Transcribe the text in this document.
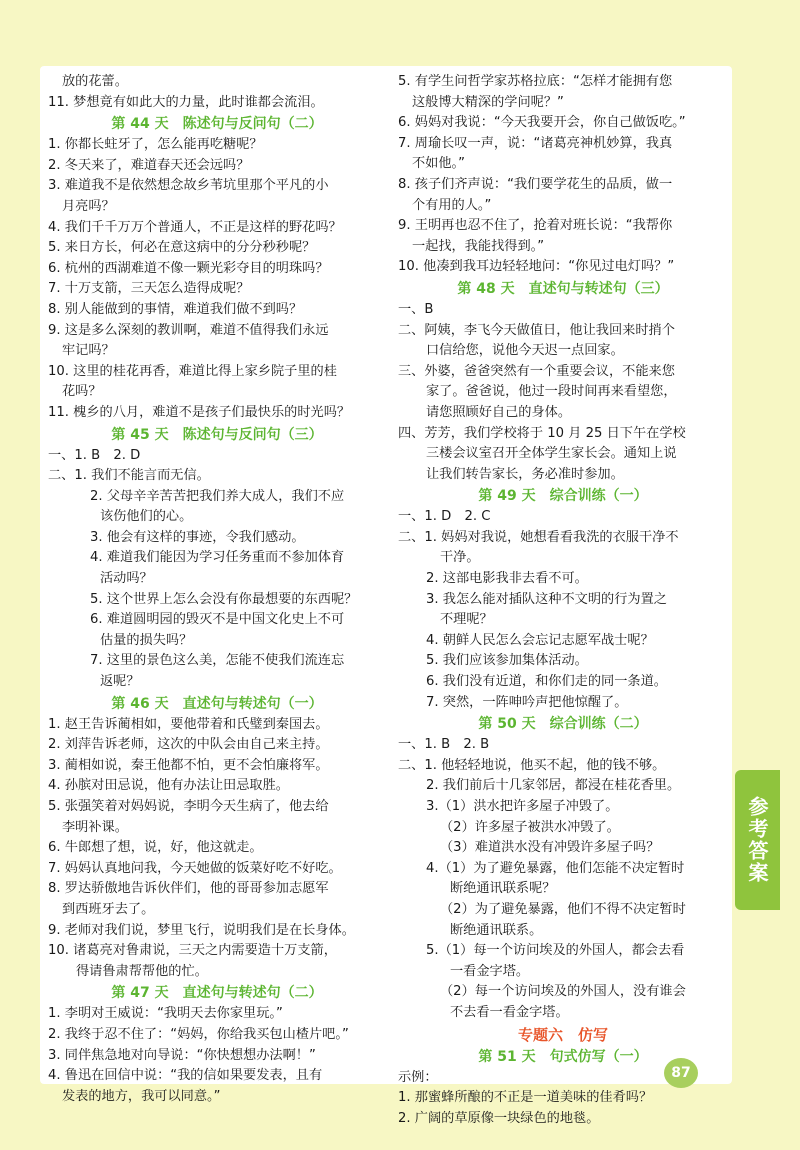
放的花蕾。
11. 梦想竟有如此大的力量，此时谁都会流泪。
第 44 天　陈述句与反问句（二）
1. 你都长蛀牙了，怎么能再吃糖呢？
2. 冬天来了，难道春天还会远吗？
3. 难道我不是依然想念故乡苇坑里那个平凡的小
月亮吗？
4. 我们千千万万个普通人，不正是这样的野花吗？
5. 来日方长，何必在意这病中的分分秒秒呢？
6. 杭州的西湖难道不像一颗光彩夺目的明珠吗？
7. 十万支箭，三天怎么造得成呢？
8. 别人能做到的事情，难道我们做不到吗？
9. 这是多么深刻的教训啊，难道不值得我们永远
牢记吗？
10. 这里的桂花再香，难道比得上家乡院子里的桂
花吗？
11. 槐乡的八月，难道不是孩子们最快乐的时光吗？
第 45 天　陈述句与反问句（三）
一、1. B　2. D
二、1. 我们不能言而无信。
2. 父母辛辛苦苦把我们养大成人，我们不应
该伤他们的心。
3. 他会有这样的事迹，令我们感动。
4. 难道我们能因为学习任务重而不参加体育
活动吗？
5. 这个世界上怎么会没有你最想要的东西呢？
6. 难道圆明园的毁灭不是中国文化史上不可
估量的损失吗？
7. 这里的景色这么美，怎能不使我们流连忘
返呢？
第 46 天　直述句与转述句（一）
1. 赵王告诉蔺相如，要他带着和氏璧到秦国去。
2. 刘萍告诉老师，这次的中队会由自己来主持。
3. 蔺相如说，秦王他都不怕，更不会怕廉将军。
4. 孙膑对田忌说，他有办法让田忌取胜。
5. 张强笑着对妈妈说，李明今天生病了，他去给
李明补课。
6. 牛郎想了想，说，好，他这就走。
7. 妈妈认真地问我，今天她做的饭菜好吃不好吃。
8. 罗达骄傲地告诉伙伴们，他的哥哥参加志愿军
到西班牙去了。
9. 老师对我们说，梦里飞行，说明我们是在长身体。
10. 诸葛亮对鲁肃说，三天之内需要造十万支箭，
得请鲁肃帮帮他的忙。
第 47 天　直述句与转述句（二）
1. 李明对王威说：“我明天去你家里玩。”
2. 我终于忍不住了：“妈妈，你给我买包山楂片吧。”
3. 同伴焦急地对向导说：“你快想想办法啊！”
4. 鲁迅在回信中说：“我的信如果要发表，且有
发表的地方，我可以同意。”
5. 有学生问哲学家苏格拉底：“怎样才能拥有您
这般博大精深的学问呢？”
6. 妈妈对我说：“今天我要开会，你自己做饭吃。”
7. 周瑜长叹一声，说：“诸葛亮神机妙算，我真
不如他。”
8. 孩子们齐声说：“我们要学花生的品质，做一
个有用的人。”
9. 王明再也忍不住了，抢着对班长说：“我帮你
一起找，我能找得到。”
10. 他凑到我耳边轻轻地问：“你见过电灯吗？”
第 48 天　直述句与转述句（三）
一、B
二、阿姨，李飞今天做值日，他让我回来时捎个
口信给您，说他今天迟一点回家。
三、外婆，爸爸突然有一个重要会议，不能来您
家了。爸爸说，他过一段时间再来看望您，
请您照顾好自己的身体。
四、芳芳，我们学校将于 10 月 25 日下午在学校
三楼会议室召开全体学生家长会。通知上说
让我们转告家长，务必准时参加。
第 49 天　综合训练（一）
一、1. D　2. C
二、1. 妈妈对我说，她想看看我洗的衣服干净不
干净。
2. 这部电影我非去看不可。
3. 我怎么能对插队这种不文明的行为置之
不理呢？
4. 朝鲜人民怎么会忘记志愿军战士呢？
5. 我们应该参加集体活动。
6. 我们没有近道，和你们走的同一条道。
7. 突然，一阵呻吟声把他惊醒了。
第 50 天　综合训练（二）
一、1. B　2. B
二、1. 他轻轻地说，他买不起，他的钱不够。
2. 我们前后十几家邻居，都浸在桂花香里。
3.（1）洪水把许多屋子冲毁了。
（2）许多屋子被洪水冲毁了。
（3）难道洪水没有冲毁许多屋子吗？
4.（1）为了避免暴露，他们怎能不决定暂时
断绝通讯联系呢？
（2）为了避免暴露，他们不得不决定暂时
断绝通讯联系。
5.（1）每一个访问埃及的外国人，都会去看
一看金字塔。
（2）每一个访问埃及的外国人，没有谁会
不去看一看金字塔。
专题六　仿写
第 51 天　句式仿写（一）
示例：
1. 那蜜蜂所酿的不正是一道美味的佳肴吗？
2. 广阔的草原像一块绿色的地毯。
参考答案
87
